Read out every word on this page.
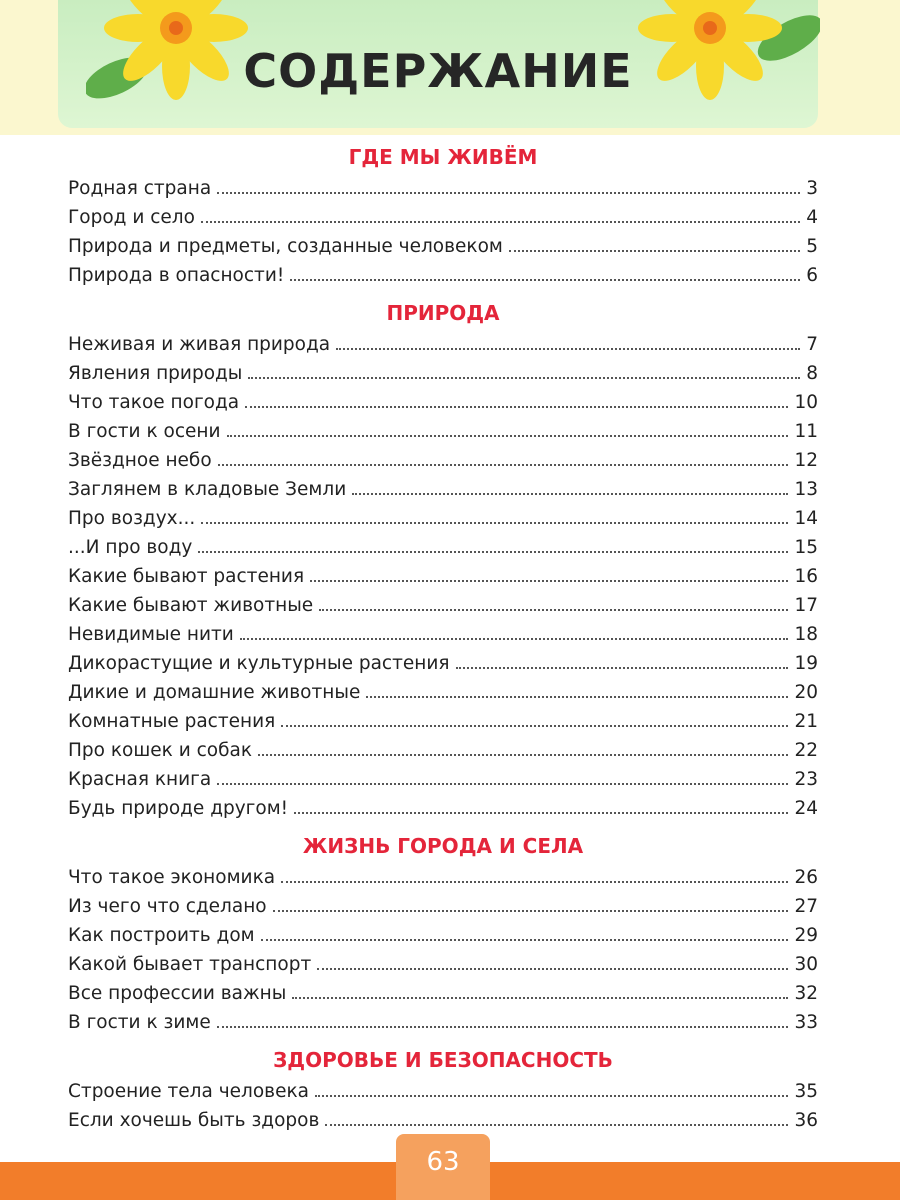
СОДЕРЖАНИЕ
ГДЕ МЫ ЖИВЁМ
Родная страна	3
Город и село	4
Природа и предметы, созданные человеком	5
Природа в опасности!	6
ПРИРОДА
Неживая и живая природа	7
Явления природы	8
Что такое погода	10
В гости к осени	11
Звёздное небо	12
Заглянем в кладовые Земли	13
Про воздух...	14
...И про воду	15
Какие бывают растения	16
Какие бывают животные	17
Невидимые нити	18
Дикорастущие и культурные растения	19
Дикие и домашние животные	20
Комнатные растения	21
Про кошек и собак	22
Красная книга	23
Будь природе другом!	24
ЖИЗНЬ ГОРОДА И СЕЛА
Что такое экономика	26
Из чего что сделано	27
Как построить дом	29
Какой бывает транспорт	30
Все профессии важны	32
В гости к зиме	33
ЗДОРОВЬЕ И БЕЗОПАСНОСТЬ
Строение тела человека	35
Если хочешь быть здоров	36
63
